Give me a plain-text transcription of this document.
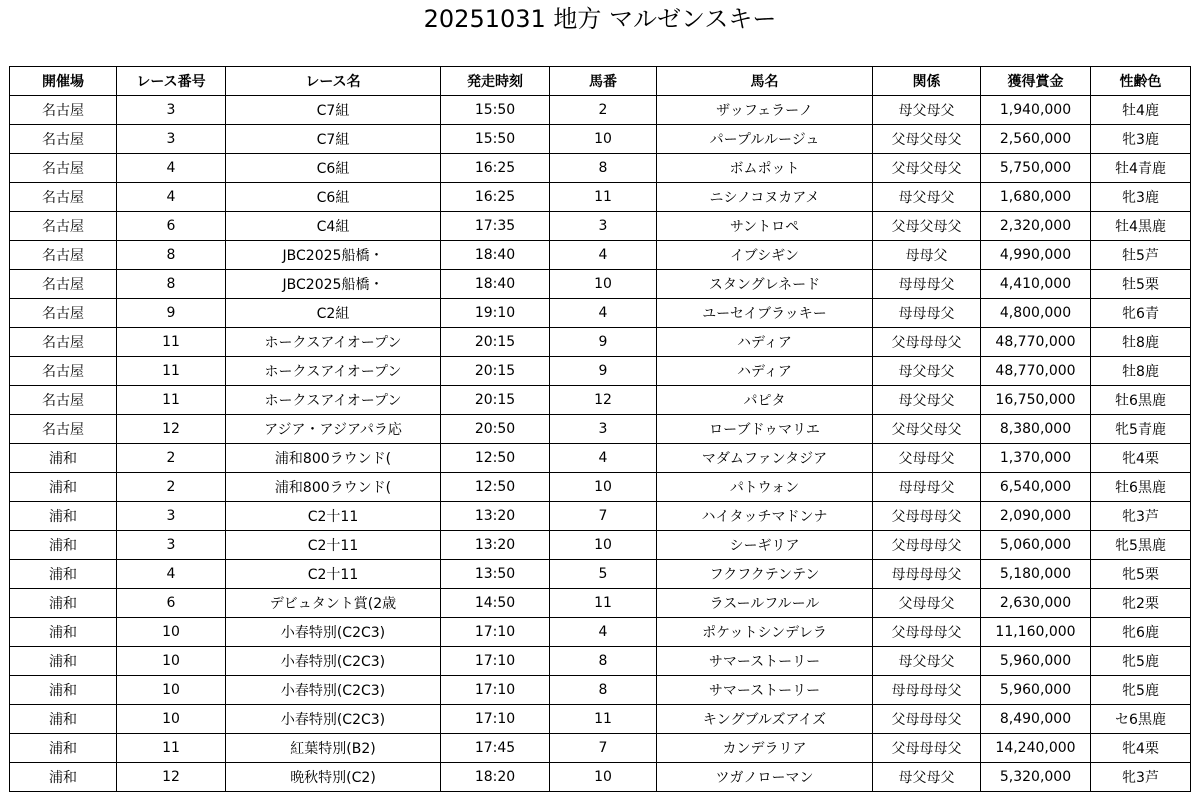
20251031 地方 マルゼンスキー
開催場	レース番号	レース名	発走時刻	馬番	馬名	関係	獲得賞金	性齢色
名古屋	3	C7組	15:50	2	ザッフェラーノ	母父母父	1,940,000	牡4鹿
名古屋	3	C7組	15:50	10	パープルルージュ	父母父母父	2,560,000	牝3鹿
名古屋	4	C6組	16:25	8	ボムポット	父母父母父	5,750,000	牡4青鹿
名古屋	4	C6組	16:25	11	ニシノコヌカアメ	母父母父	1,680,000	牝3鹿
名古屋	6	C4組	17:35	3	サントロペ	父母父母父	2,320,000	牡4黒鹿
名古屋	8	JBC2025船橋・	18:40	4	イブシギン	母母父	4,990,000	牡5芦
名古屋	8	JBC2025船橋・	18:40	10	スタングレネード	母母母父	4,410,000	牡5栗
名古屋	9	C2組	19:10	4	ユーセイブラッキー	母母母父	4,800,000	牝6青
名古屋	11	ホークスアイオープン	20:15	9	ハディア	父母母母父	48,770,000	牡8鹿
名古屋	11	ホークスアイオープン	20:15	9	ハディア	母父母父	48,770,000	牡8鹿
名古屋	11	ホークスアイオープン	20:15	12	パピタ	母父母父	16,750,000	牡6黒鹿
名古屋	12	アジア・アジアパラ応	20:50	3	ローブドゥマリエ	父母父母父	8,380,000	牝5青鹿
浦和	2	浦和800ラウンド(	12:50	4	マダムファンタジア	父母母父	1,370,000	牝4栗
浦和	2	浦和800ラウンド(	12:50	10	パトウォン	母母母父	6,540,000	牡6黒鹿
浦和	3	C2十11	13:20	7	ハイタッチマドンナ	父母母母父	2,090,000	牝3芦
浦和	3	C2十11	13:20	10	シーギリア	父母母母父	5,060,000	牝5黒鹿
浦和	4	C2十11	13:50	5	フクフクテンテン	母母母母父	5,180,000	牝5栗
浦和	6	デビュタント賞(2歳	14:50	11	ラスールフルール	父母母父	2,630,000	牝2栗
浦和	10	小春特別(C2C3)	17:10	4	ポケットシンデレラ	父母母母父	11,160,000	牝6鹿
浦和	10	小春特別(C2C3)	17:10	8	サマーストーリー	母父母父	5,960,000	牝5鹿
浦和	10	小春特別(C2C3)	17:10	8	サマーストーリー	母母母母父	5,960,000	牝5鹿
浦和	10	小春特別(C2C3)	17:10	11	キングブルズアイズ	父母母母父	8,490,000	セ6黒鹿
浦和	11	紅葉特別(B2)	17:45	7	カンデラリア	父母母母父	14,240,000	牝4栗
浦和	12	晩秋特別(C2)	18:20	10	ツガノローマン	母父母父	5,320,000	牝3芦
